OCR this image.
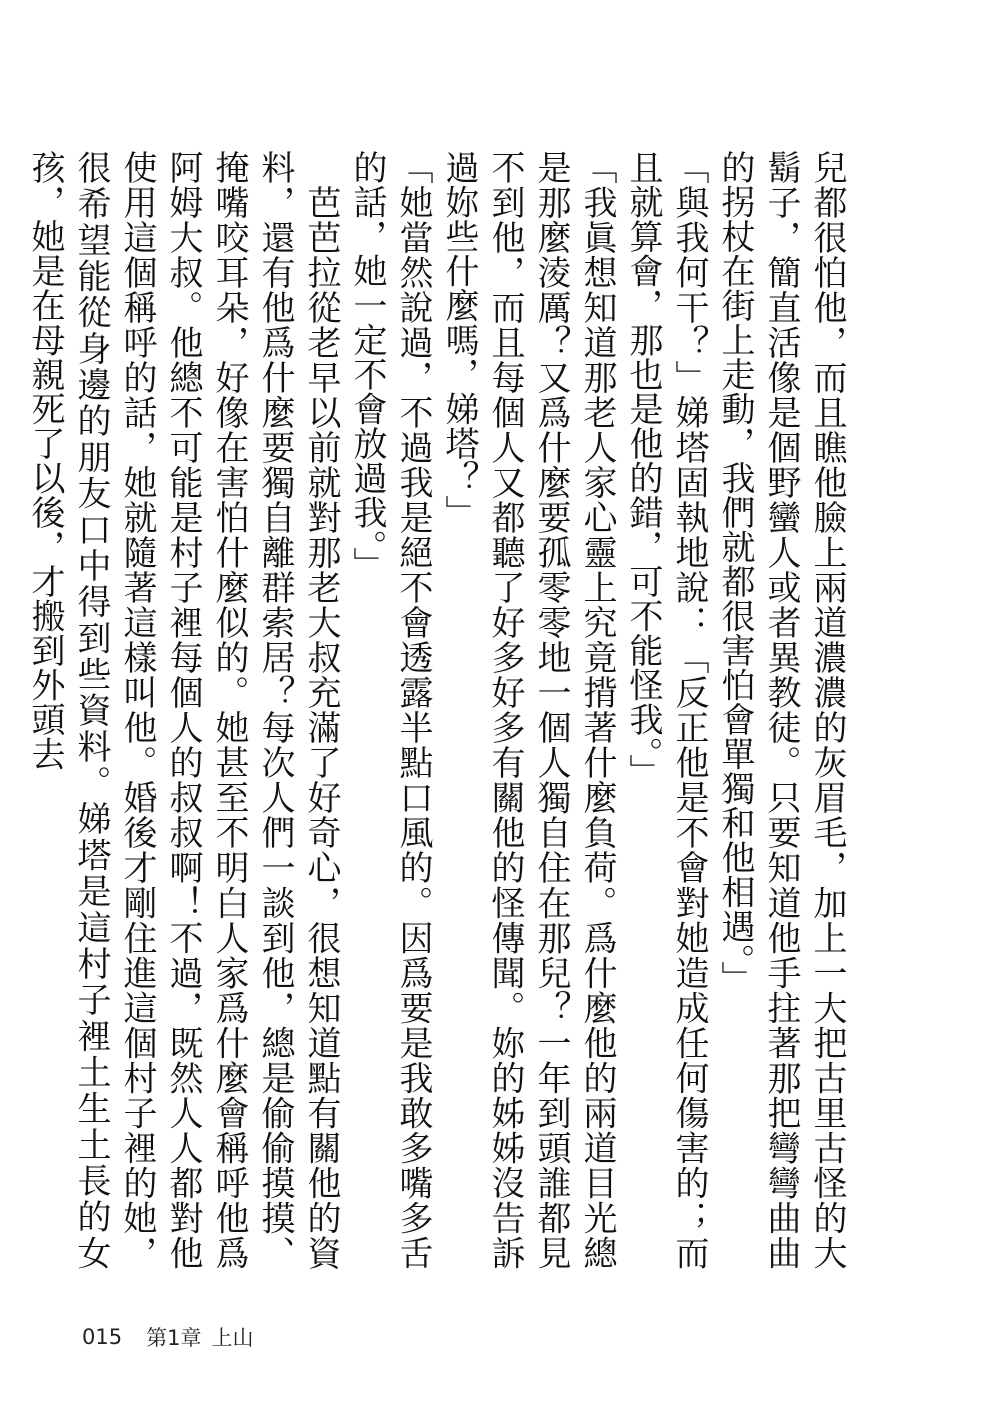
兒都很怕他，而且瞧他臉上兩道濃濃的灰眉毛，加上一大把古里古怪的大鬍子，簡直活像是個野蠻人或者異教徒。只要知道他手拄著那把彎彎曲曲的拐杖在街上走動，我們就都很害怕會單獨和他相遇。」

「與我何干？」娣塔固執地說：「反正他是不會對她造成任何傷害的；而且就算會，那也是他的錯，可不能怪我。」

「我眞想知道那老人家心靈上究竟揹著什麼負荷。爲什麼他的兩道目光總是那麼淩厲？又爲什麼要孤零零地一個人獨自住在那兒？一年到頭誰都見不到他，而且每個人又都聽了好多好多有關他的怪傳聞。妳的姊姊沒告訴過妳些什麼嗎，娣塔？」

「她當然說過，不過我是絕不會透露半點口風的。因爲要是我敢多嘴多舌的話，她一定不會放過我。」

　芭芭拉從老早以前就對那老大叔充滿了好奇心，很想知道點有關他的資料，還有他爲什麼要獨自離群索居？每次人們一談到他，總是偷偷摸摸、掩嘴咬耳朵，好像在害怕什麼似的。她甚至不明白人家爲什麼會稱呼他爲阿姆大叔。他總不可能是村子裡每個人的叔叔啊！不過，既然人人都對他使用這個稱呼的話，她就隨著這樣叫他。婚後才剛住進這個村子裡的她，很希望能從身邊的朋友口中得到些資料。娣塔是這村子裡土生土長的女孩，她是在母親死了以後，才搬到外頭去

015 第1章 上山
